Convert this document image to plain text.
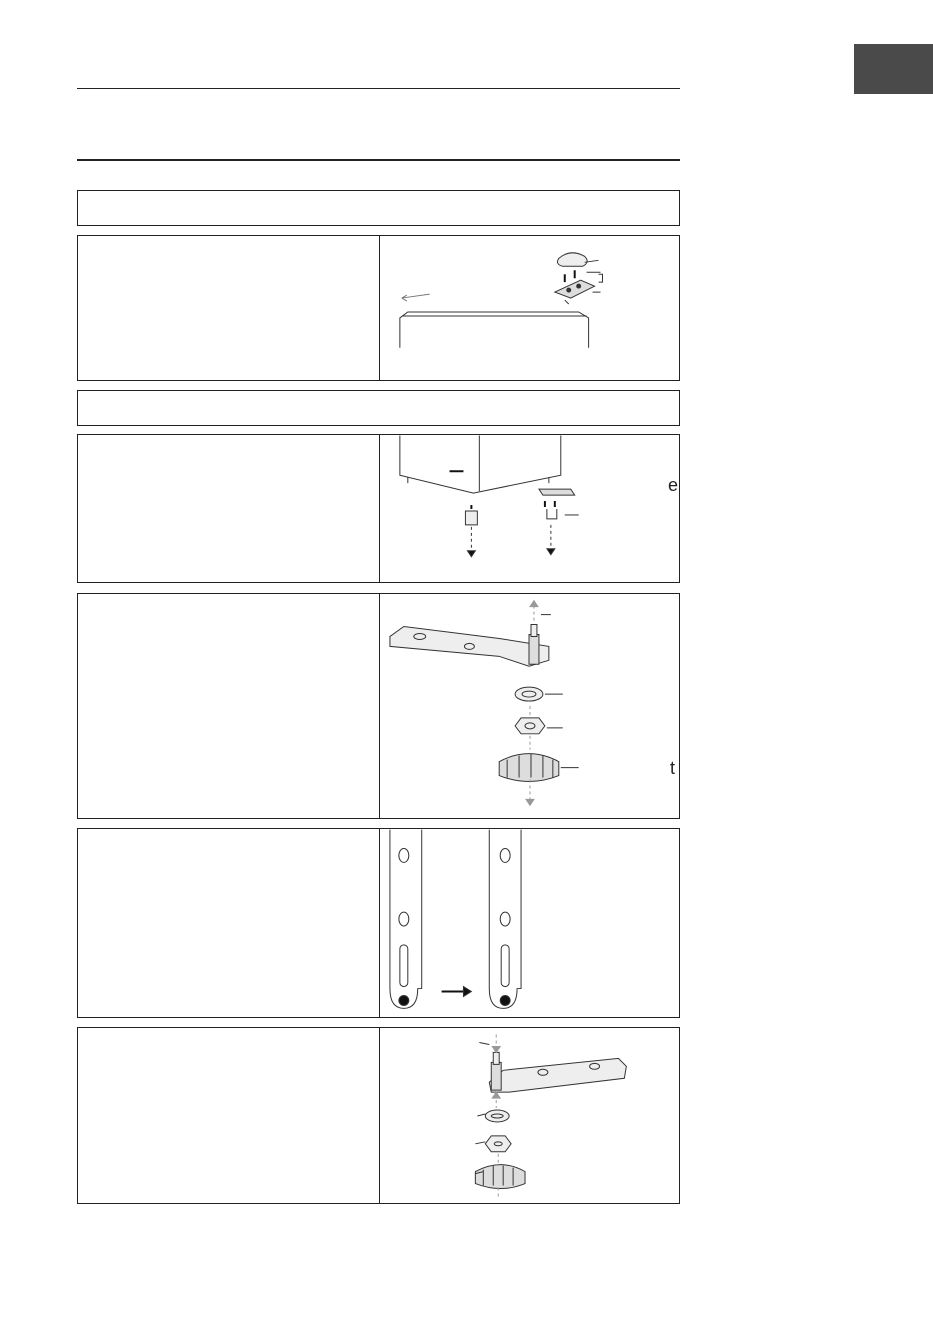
e
t
